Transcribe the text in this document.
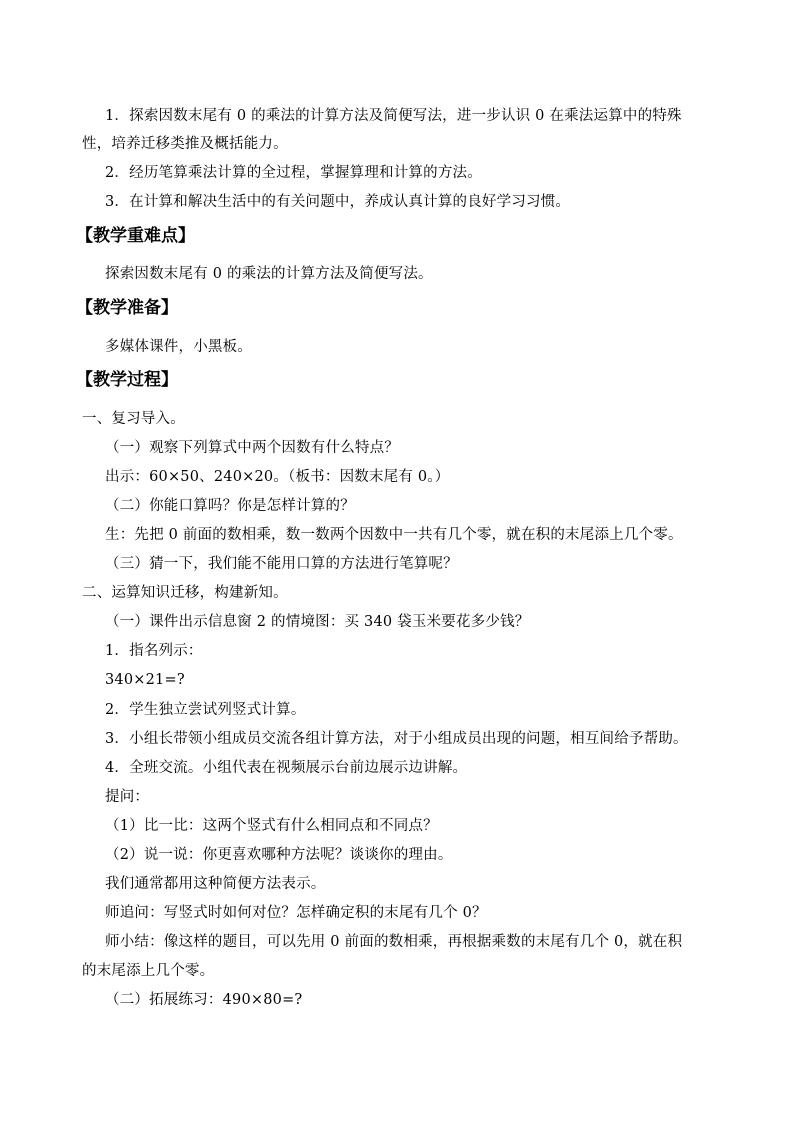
1．探索因数末尾有 0 的乘法的计算方法及简便写法，进一步认识 0 在乘法运算中的特殊
性，培养迁移类推及概括能力。
2．经历笔算乘法计算的全过程，掌握算理和计算的方法。
3．在计算和解决生活中的有关问题中，养成认真计算的良好学习习惯。
【教学重难点】
探索因数末尾有 0 的乘法的计算方法及简便写法。
【教学准备】
多媒体课件，小黑板。
【教学过程】
一、复习导入。
（一）观察下列算式中两个因数有什么特点？
出示：60×50、240×20。（板书：因数末尾有 0。）
（二）你能口算吗？你是怎样计算的？
生：先把 0 前面的数相乘，数一数两个因数中一共有几个零，就在积的末尾添上几个零。
（三）猜一下，我们能不能用口算的方法进行笔算呢？
二、运算知识迁移，构建新知。
（一）课件出示信息窗 2 的情境图：买 340 袋玉米要花多少钱？
1．指名列示：
340×21=?
2．学生独立尝试列竖式计算。
3．小组长带领小组成员交流各组计算方法，对于小组成员出现的问题，相互间给予帮助。
4．全班交流。小组代表在视频展示台前边展示边讲解。
提问：
（1）比一比：这两个竖式有什么相同点和不同点？
（2）说一说：你更喜欢哪种方法呢？谈谈你的理由。
我们通常都用这种简便方法表示。
师追问：写竖式时如何对位？怎样确定积的末尾有几个 0？
师小结：像这样的题目，可以先用 0 前面的数相乘，再根据乘数的末尾有几个 0，就在积
的末尾添上几个零。
（二）拓展练习：490×80=?
